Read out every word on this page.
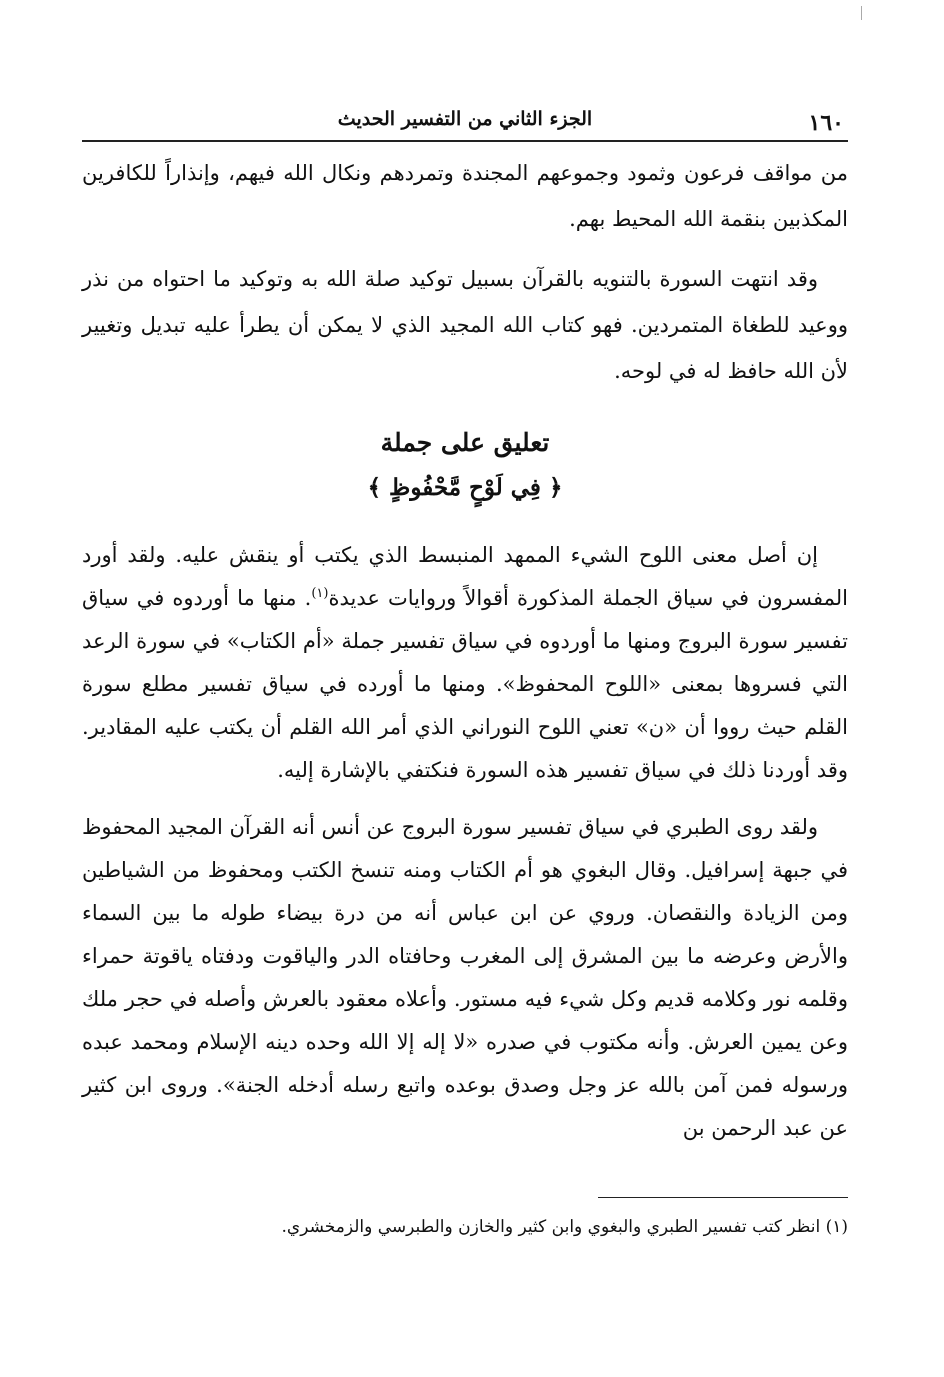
١٦٠
الجزء الثاني من التفسير الحديث

من مواقف فرعون وثمود وجموعهم المجندة وتمردهم ونكال الله فيهم، وإنذاراً للكافرين المكذبين بنقمة الله المحيط بهم.

وقد انتهت السورة بالتنويه بالقرآن بسبيل توكيد صلة الله به وتوكيد ما احتواه من نذر ووعيد للطغاة المتمردين. فهو كتاب الله المجيد الذي لا يمكن أن يطرأ عليه تبديل وتغيير لأن الله حافظ له في لوحه.

تعليق على جملة
﴿ فِي لَوْحٍ مَّحْفُوظٍ ﴾

إن أصل معنى اللوح الشيء الممهد المنبسط الذي يكتب أو ينقش عليه. ولقد أورد المفسرون في سياق الجملة المذكورة أقوالاً وروايات عديدة$^{(١)}$. منها ما أوردوه في سياق تفسير سورة البروج ومنها ما أوردوه في سياق تفسير جملة «أم الكتاب» في سورة الرعد التي فسروها بمعنى «اللوح المحفوظ». ومنها ما أورده في سياق تفسير مطلع سورة القلم حيث رووا أن «ن» تعني اللوح النوراني الذي أمر الله القلم أن يكتب عليه المقادير. وقد أوردنا ذلك في سياق تفسير هذه السورة فنكتفي بالإشارة إليه.

ولقد روى الطبري في سياق تفسير سورة البروج عن أنس أنه القرآن المجيد المحفوظ في جبهة إسرافيل. وقال البغوي هو أم الكتاب ومنه تنسخ الكتب ومحفوظ من الشياطين ومن الزيادة والنقصان. وروي عن ابن عباس أنه من درة بيضاء طوله ما بين السماء والأرض وعرضه ما بين المشرق إلى المغرب وحافتاه الدر والياقوت ودفتاه ياقوتة حمراء وقلمه نور وكلامه قديم وكل شيء فيه مستور. وأعلاه معقود بالعرش وأصله في حجر ملك وعن يمين العرش. وأنه مكتوب في صدره «لا إله إلا الله وحده دينه الإسلام ومحمد عبده ورسوله فمن آمن بالله عز وجل وصدق بوعده واتبع رسله أدخله الجنة». وروى ابن كثير عن عبد الرحمن بن

(١) انظر كتب تفسير الطبري والبغوي وابن كثير والخازن والطبرسي والزمخشري.
